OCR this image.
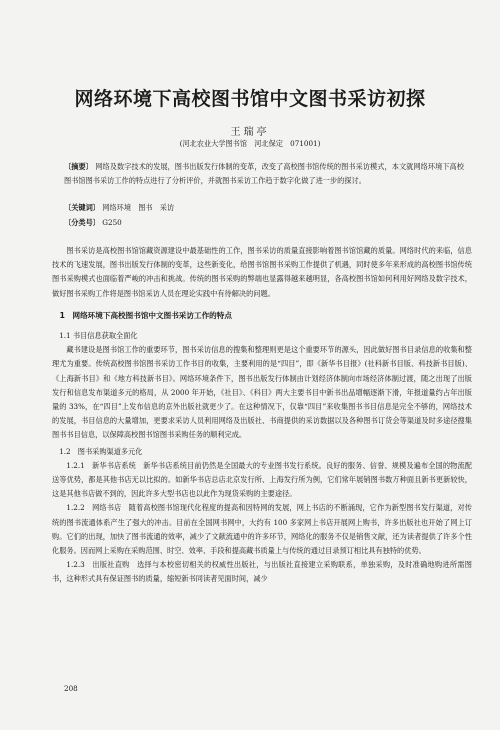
网络环境下高校图书馆中文图书采访初探
王瑞亭
(河北农业大学图书馆　河北保定　071001)
〔摘要〕 网络及数字技术的发展，图书出版发行体制的变革，改变了高校图书馆传统的图书采访模式，本文就网络环境下高校图书馆图书采访工作的特点进行了分析评价，并就图书采访工作趋于数字化做了进一步的探讨。
〔关键词〕 网络环境　图书　采访
〔分类号〕 G250

图书采访是高校图书馆馆藏资源建设中最基础性的工作，图书采访的质量直接影响着图书馆馆藏的质量。网络时代的来临，信息技术的飞速发展，图书出版发行体制的变革，这些新变化，给图书馆图书采购工作提供了机遇，同时使多年来形成的高校图书馆传统图书采购模式也面临着严峻的冲击和挑战。传统的图书采购的弊端也显露得越来越明显，各高校图书馆如何利用好网络及数字技术，做好图书采购工作将是图书馆采访人员在理论实践中有待解决的问题。

1　网络环境下高校图书馆中文图书采访工作的特点
1.1 书目信息获取全面化

藏书建设是图书馆工作的重要环节，图书采访信息的搜集和整理则更是这个重要环节的源头，因此做好图书目录信息的收集和整理尤为重要。传统高校图书馆图书采访工作书目的收集，主要利用的是“四目”，即《新华书目报》(社科新书目版、科技新书目版)、《上海新书目》和《地方科技新书目》。网络环境条件下，图书出版发行体制由计划经济体制向市场经济体制过渡，随之出现了出版发行和信息发布渠道多元的格局，从 2000 年开始，《社目》、《科目》两大主要书目中新书出品增幅逐渐下滑，年报道量约占年出版量的 33%，在“四目”上发布信息的京外出版社就更少了。在这种情况下，仅靠“四目”来收集图书书目信息是完全不够的，网络技术的发展，书目信息的大量增加，更要求采访人员利用网络及出版社、书商提供的采访数据以及各种图书订货会等渠道及时多途径搜集图书书目信息，以保障高校图书馆图书采购任务的顺利完成。

1.2　图书采购渠道多元化

1.2.1　新华书店系统　 新华书店系统目前仍然是全国最大的专业图书发行系统。良好的服务、信誉、规模及遍布全国的物流配送等优势，都是其他书店无以比拟的。如新华书店总店北京发行所、上海发行所为例，它们常年展销图书数万种面且新书更新较快，这是其他书店做不到的，因此许多大型书店也以此作为现货采购的主要途径。

1.2.2　网络书店　 随着高校图书馆现代化程度的提高和因特网的发展，网上书店的不断涌现，它作为新型图书发行渠道，对传统的图书流通体系产生了强大的冲击。目前在全国网书网中，大约有 100 多家网上书店开展网上购书，许多出版社也开始了网上订购。它们的出现，加快了图书流通的效率，减少了文献流通中的许多环节，网络化的服务不仅是销售文献，还为读者提供了许多个性化服务。因而网上采购在采购范围、时空、效率、手段和提高藏书质量上与传统的通过目录预订相比具有独特的优势。

1.2.3　出版社直购　 选择与本校密切相关的权威性出版社，与出版社直接建立采购联系，单独采购，及时准确地购进所需图书，这种形式具有保证图书的质量，缩短新书同读者见面时间，减少

208
